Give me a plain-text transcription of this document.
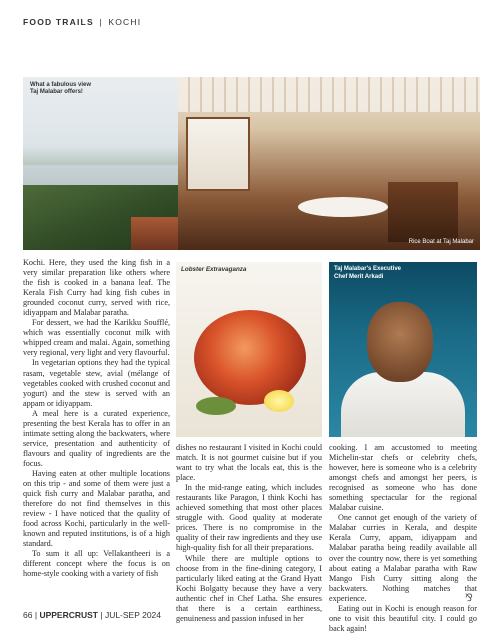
FOOD TRAILS | KOCHI
What a fabulous view
Taj Malabar offers!
Rice Boat at Taj Malabar

Kochi. Here, they used the king fish in a very similar preparation like others where the fish is cooked in a banana leaf. The Kerala Fish Curry had king fish cubes in grounded coconut curry, served with rice, idiyappam and Malabar paratha.

For dessert, we had the Karikku Soufflé, which was essentially coconut milk with whipped cream and malai. Again, something very regional, very light and very flavourful.

In vegetarian options they had the typical rasam, vegetable stew, avial (mélange of vegetables cooked with crushed coconut and yogurt) and the stew is served with an appam or idiyappam.

A meal here is a curated experience, presenting the best Kerala has to offer in an intimate setting along the backwaters, where service, presentation and authenticity of flavours and quality of ingredients are the focus.

Having eaten at other multiple locations on this trip - and some of them were just a quick fish curry and Malabar paratha, and therefore do not find themselves in this review - I have noticed that the quality of food across Kochi, particularly in the well-known and reputed institutions, is of a high standard.

To sum it all up: Vellakantheeri is a different concept where the focus is on home-style cooking with a variety of fish

Lobster Extravaganza	Taj Malabar's Executive
Chef Merit Arkadi

dishes no restaurant I visited in Kochi could match. It is not gourmet cuisine but if you want to try what the locals eat, this is the place.

In the mid-range eating, which includes restaurants like Paragon, I think Kochi has achieved something that most other places struggle with. Good quality at moderate prices. There is no compromise in the quality of their raw ingredients and they use high-quality fish for all their preparations.

While there are multiple options to choose from in the fine-dining category, I particularly liked eating at the Grand Hyatt Kochi Bolgatty because they have a very authentic chef in Chef Latha. She ensures that there is a certain earthiness, genuineness and passion infused in her

cooking. I am accustomed to meeting Michelin-star chefs or celebrity chefs, however, here is someone who is a celebrity amongst chefs and amongst her peers, is recognised as someone who has done something spectacular for the regional Malabar cuisine.

One cannot get enough of the variety of Malabar curries in Kerala, and despite Kerala Curry, appam, idiyappam and Malabar paratha being readily available all over the country now, there is yet something about eating a Malabar paratha with Raw Mango Fish Curry sitting along the backwaters. Nothing matches that experience.

Eating out in Kochi is enough reason for one to visit this beautiful city. I could go back again!

⅋
66 | UPPERCRUST | JUL-SEP 2024
